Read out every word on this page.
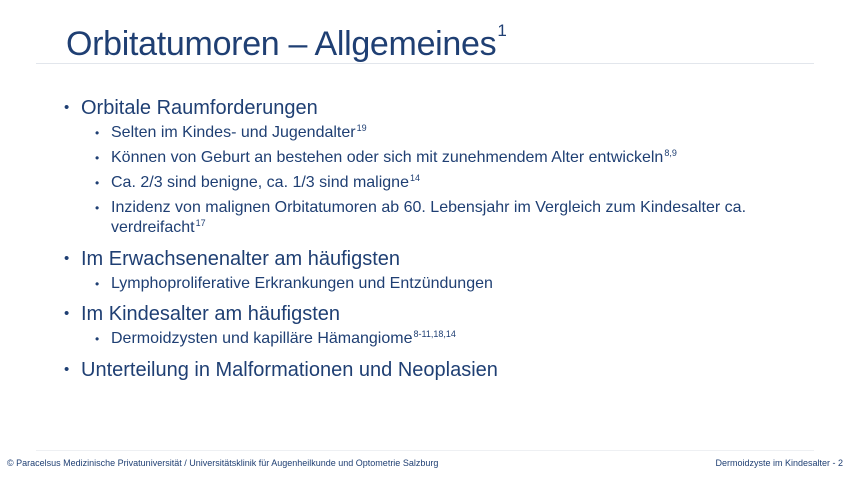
Orbitatumoren – Allgemeines$^1$
• Orbitale Raumforderungen
• Selten im Kindes- und Jugendalter$^{19}$
• Können von Geburt an bestehen oder sich mit zunehmendem Alter entwickeln$^{8,9}$
• Ca. 2/3 sind benigne, ca. 1/3 sind maligne$^{14}$
• Inzidenz von malignen Orbitatumoren ab 60. Lebensjahr im Vergleich zum Kindesalter ca. verdreifacht$^{17}$
• Im Erwachsenenalter am häufigsten
• Lymphoproliferative Erkrankungen und Entzündungen
• Im Kindesalter am häufigsten
• Dermoidzysten und kapilläre Hämangiome$^{8-11,18,14}$
• Unterteilung in Malformationen und Neoplasien
© Paracelsus Medizinische Privatuniversität / Universitätsklinik für Augenheilkunde und Optometrie Salzburg	Dermoidzyste im Kindesalter - 2
